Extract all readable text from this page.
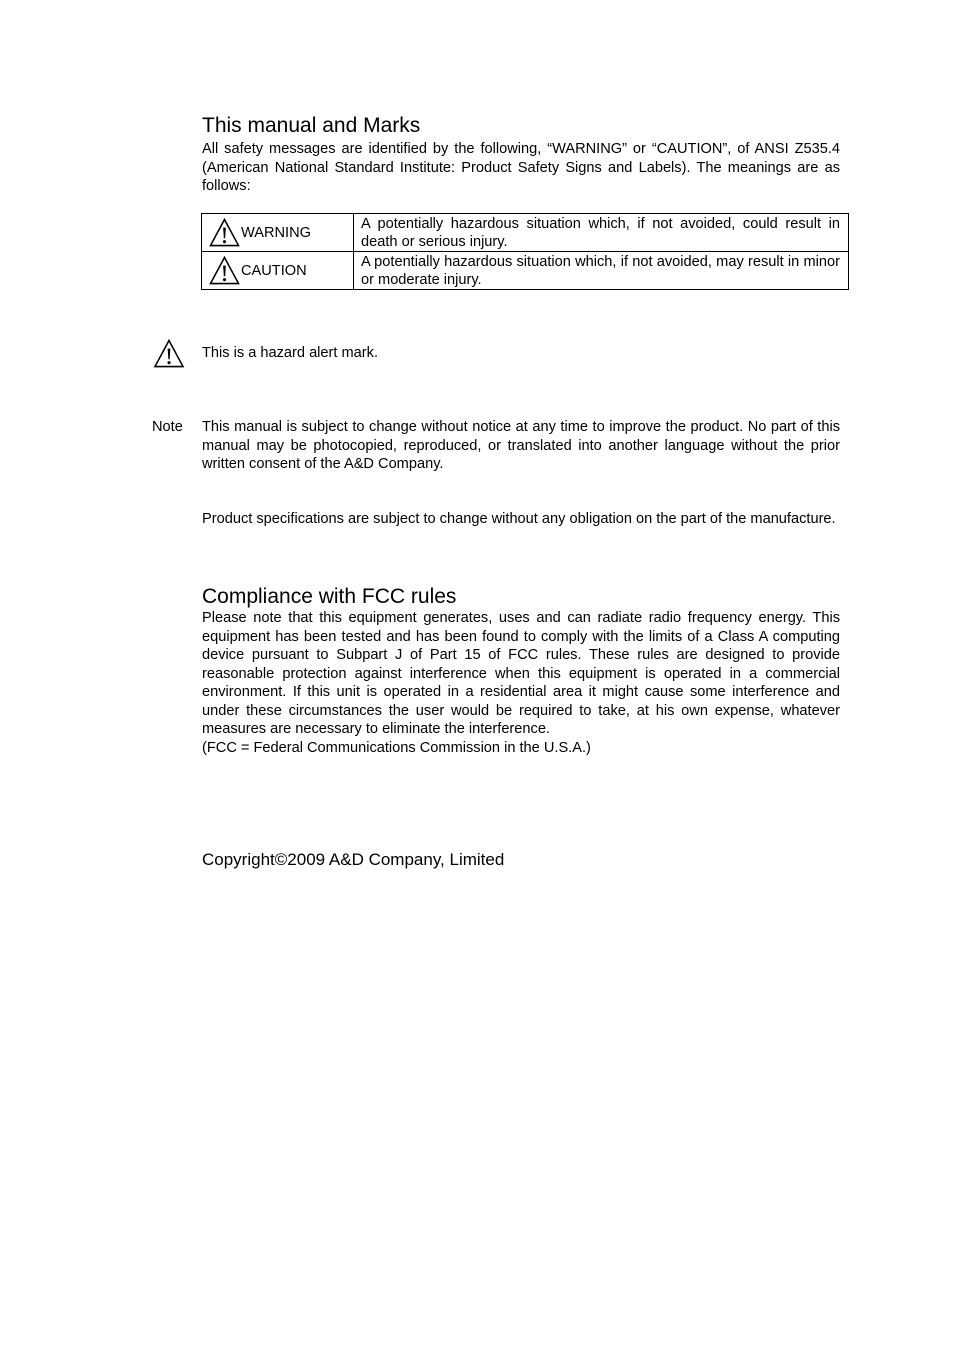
This manual and Marks

All safety messages are identified by the following, “WARNING” or “CAUTION”, of ANSI Z535.4 (American National Standard Institute: Product Safety Signs and Labels). The meanings are as follows:

WARNING	A potentially hazardous situation which, if not avoided, could result in death or serious injury.

CAUTION	A potentially hazardous situation which, if not avoided, may result in minor or moderate injury.
This is a hazard alert mark.
Note This manual is subject to change without notice at any time to improve the product. No part of this manual may be photocopied, reproduced, or translated into another language without the prior written consent of the A&D Company.

Product specifications are subject to change without any obligation on the part of the manufacture.

Compliance with FCC rules

Please note that this equipment generates, uses and can radiate radio frequency energy. This equipment has been tested and has been found to comply with the limits of a Class A computing device pursuant to Subpart J of Part 15 of FCC rules. These rules are designed to provide reasonable protection against interference when this equipment is operated in a commercial environment. If this unit is operated in a residential area it might cause some interference and under these circumstances the user would be required to take, at his own expense, whatever measures are necessary to eliminate the interference.

(FCC = Federal Communications Commission in the U.S.A.)

Copyright©2009 A&D Company, Limited
